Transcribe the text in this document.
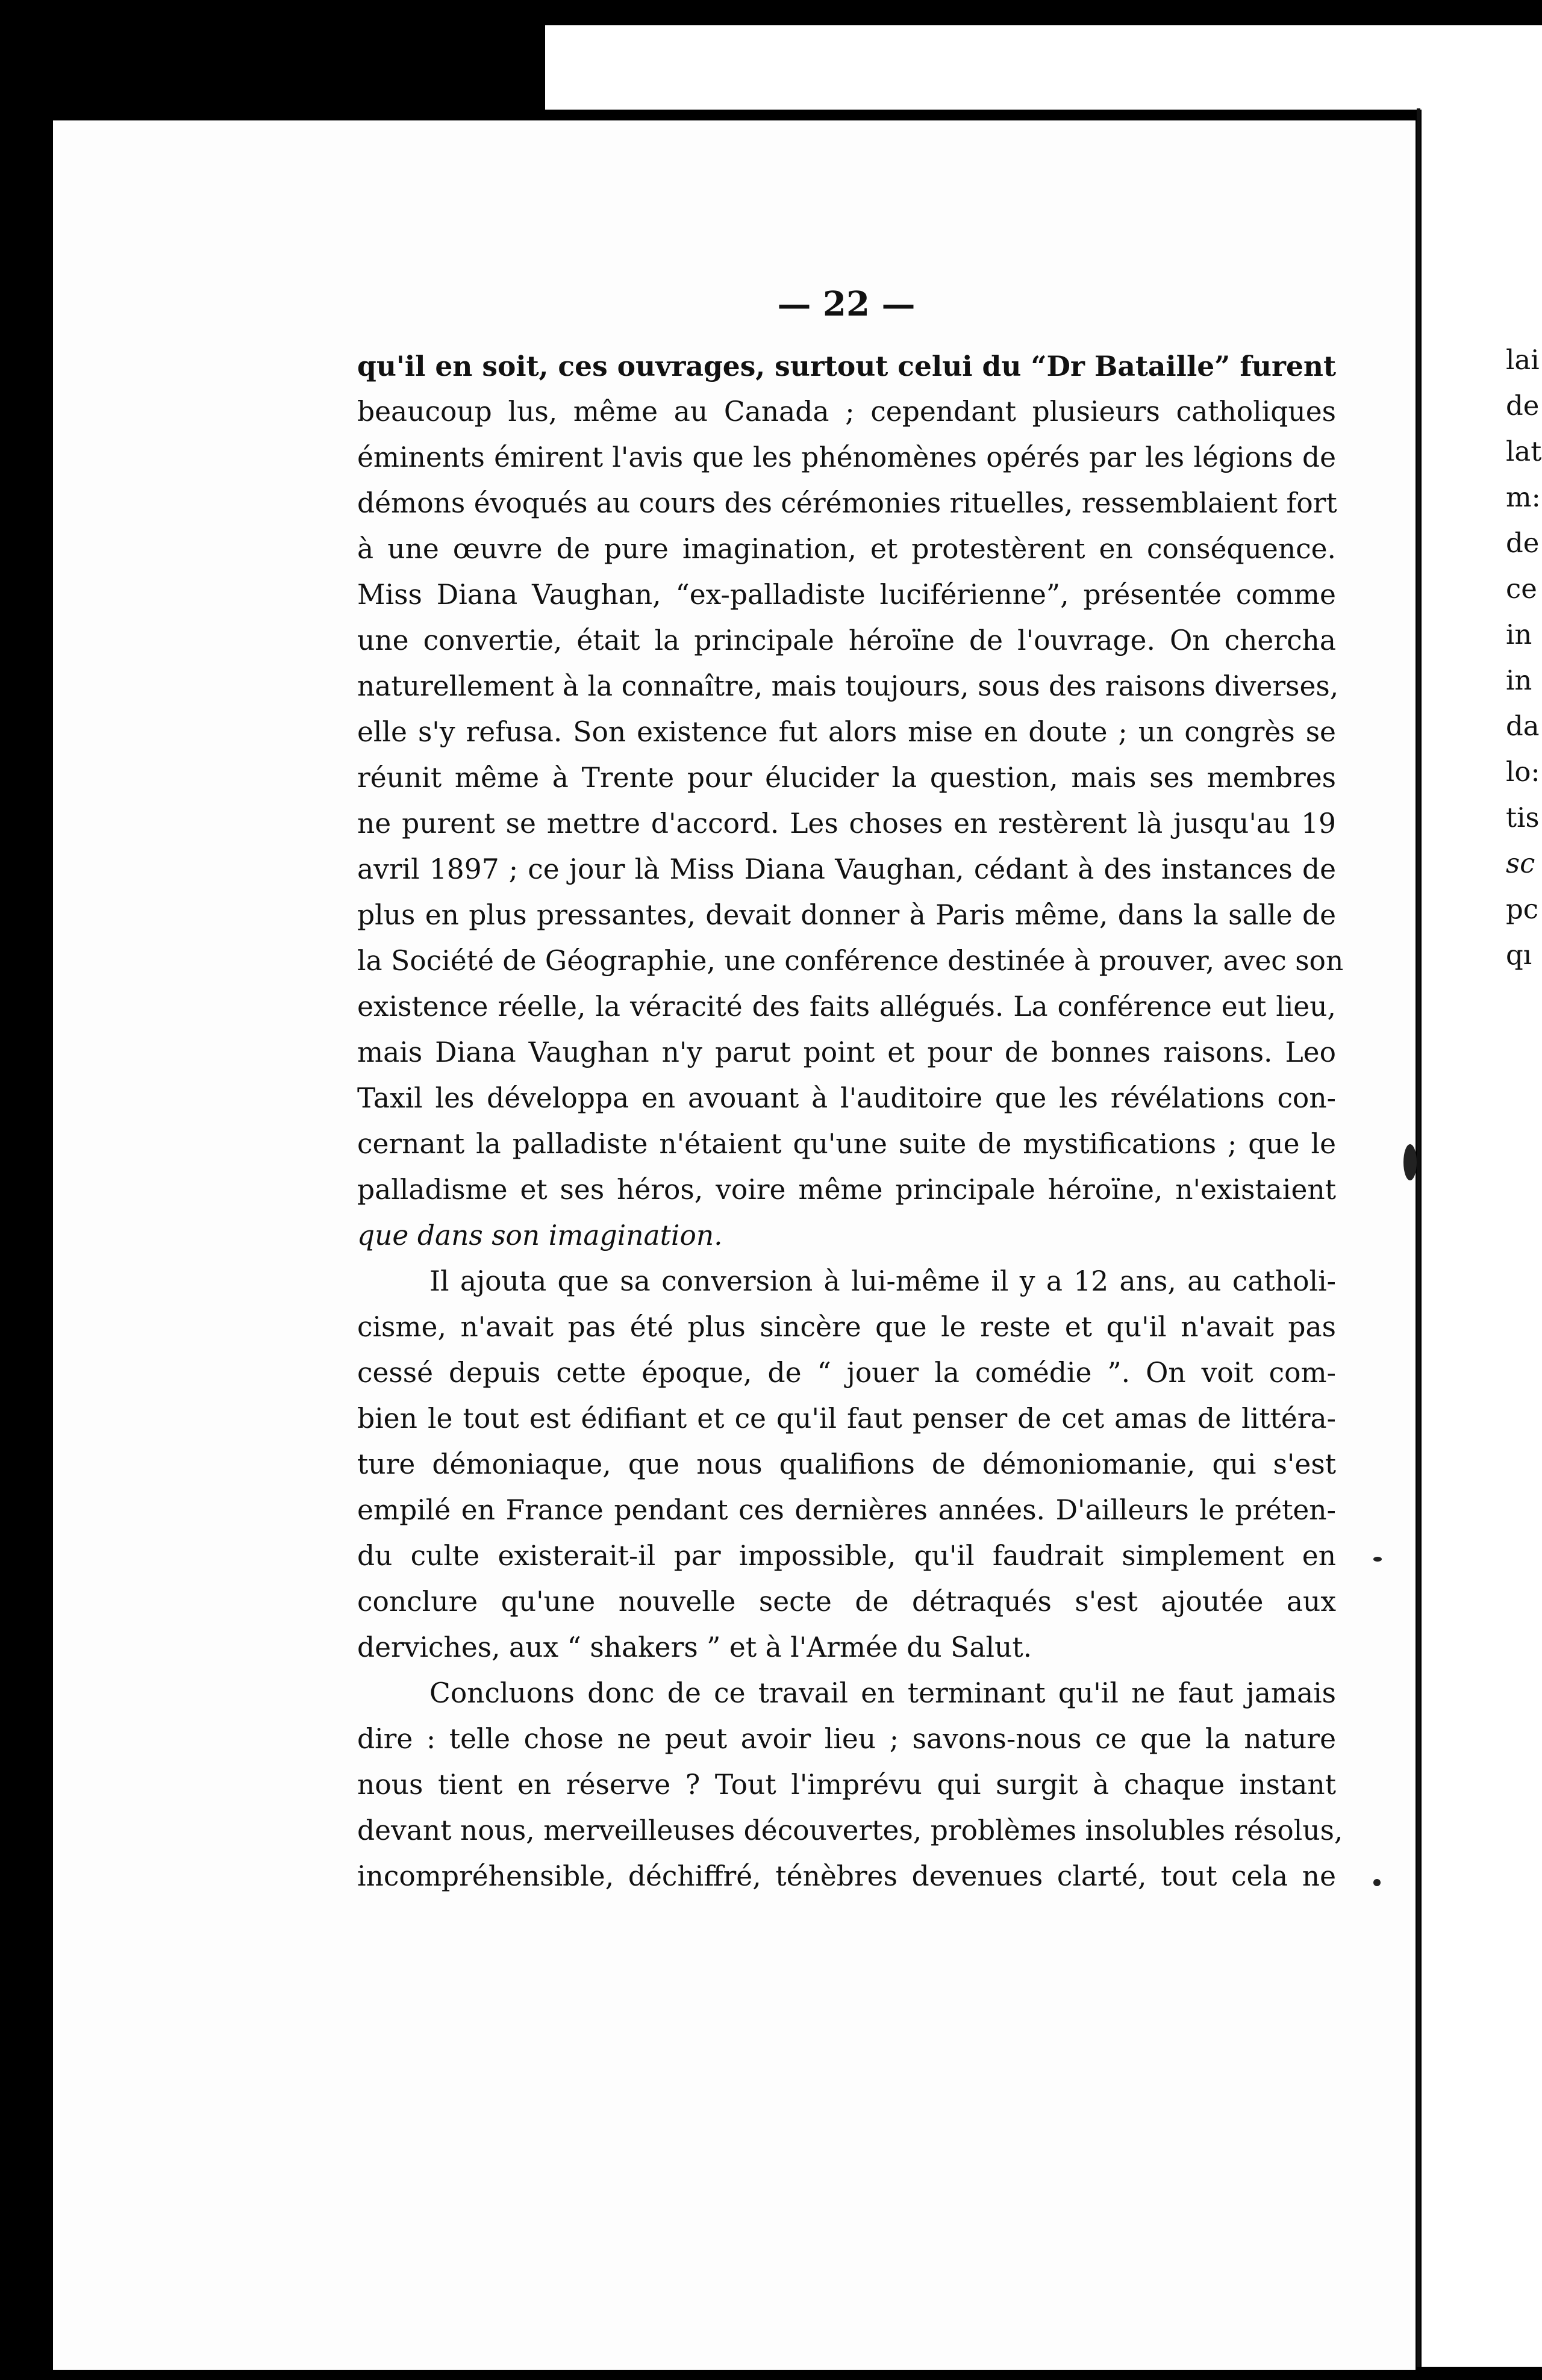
— 22 —
qu'il en soit, ces ouvrages, surtout celui du “Dr Bataille” furent
beaucoup lus, même au Canada ; cependant plusieurs catholiques
éminents émirent l'avis que les phénomènes opérés par les légions de
démons évoqués au cours des cérémonies rituelles, ressemblaient fort
à une œuvre de pure imagination, et protestèrent en conséquence.
Miss Diana Vaughan, “ex-palladiste luciférienne”, présentée comme
une convertie, était la principale héroïne de l'ouvrage. On chercha
naturellement à la connaître, mais toujours, sous des raisons diverses,
elle s'y refusa. Son existence fut alors mise en doute ; un congrès se
réunit même à Trente pour élucider la question, mais ses membres
ne purent se mettre d'accord. Les choses en restèrent là jusqu'au 19
avril 1897 ; ce jour là Miss Diana Vaughan, cédant à des instances de
plus en plus pressantes, devait donner à Paris même, dans la salle de
la Société de Géographie, une conférence destinée à prouver, avec son
existence réelle, la véracité des faits allégués. La conférence eut lieu,
mais Diana Vaughan n'y parut point et pour de bonnes raisons. Leo
Taxil les développa en avouant à l'auditoire que les révélations con-
cernant la palladiste n'étaient qu'une suite de mystifications ; que le
palladisme et ses héros, voire même principale héroïne, n'existaient
que dans son imagination.
Il ajouta que sa conversion à lui-même il y a 12 ans, au catholi-
cisme, n'avait pas été plus sincère que le reste et qu'il n'avait pas
cessé depuis cette époque, de “ jouer la comédie ”. On voit com-
bien le tout est édifiant et ce qu'il faut penser de cet amas de littéra-
ture démoniaque, que nous qualifions de démoniomanie, qui s'est
empilé en France pendant ces dernières années. D'ailleurs le préten-
du culte existerait-il par impossible, qu'il faudrait simplement en
conclure qu'une nouvelle secte de détraqués s'est ajoutée aux
derviches, aux “ shakers ” et à l'Armée du Salut.
Concluons donc de ce travail en terminant qu'il ne faut jamais
dire : telle chose ne peut avoir lieu ; savons-nous ce que la nature
nous tient en réserve ? Tout l'imprévu qui surgit à chaque instant
devant nous, merveilleuses découvertes, problèmes insolubles résolus,
incompréhensible, déchiffré, ténèbres devenues clarté, tout cela ne
lai
de
lat
m:
de
ce
in
in
da
lo:
tis
sc
pc
qı
